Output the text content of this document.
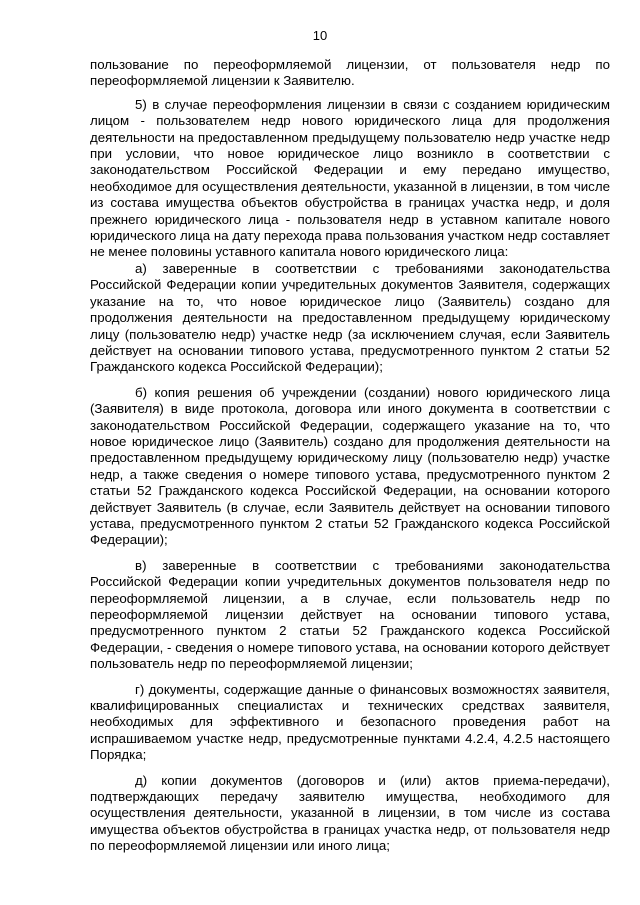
10

пользование по переоформляемой лицензии, от пользователя недр по переоформляемой лицензии к Заявителю.

5) в случае переоформления лицензии в связи с созданием юридическим лицом - пользователем недр нового юридического лица для продолжения деятельности на предоставленном предыдущему пользователю недр участке недр при условии, что новое юридическое лицо возникло в соответствии с законодательством Российской Федерации и ему передано имущество, необходимое для осуществления деятельности, указанной в лицензии, в том числе из состава имущества объектов обустройства в границах участка недр, и доля прежнего юридического лица - пользователя недр в уставном капитале нового юридического лица на дату перехода права пользования участком недр составляет не менее половины уставного капитала нового юридического лица:

а) заверенные в соответствии с требованиями законодательства Российской Федерации копии учредительных документов Заявителя, содержащих указание на то, что новое юридическое лицо (Заявитель) создано для продолжения деятельности на предоставленном предыдущему юридическому лицу (пользователю недр) участке недр (за исключением случая, если Заявитель действует на основании типового устава, предусмотренного пунктом 2 статьи 52 Гражданского кодекса Российской Федерации);

б) копия решения об учреждении (создании) нового юридического лица (Заявителя) в виде протокола, договора или иного документа в соответствии с законодательством Российской Федерации, содержащего указание на то, что новое юридическое лицо (Заявитель) создано для продолжения деятельности на предоставленном предыдущему юридическому лицу (пользователю недр) участке недр, а также сведения о номере типового устава, предусмотренного пунктом 2 статьи 52 Гражданского кодекса Российской Федерации, на основании которого действует Заявитель (в случае, если Заявитель действует на основании типового устава, предусмотренного пунктом 2 статьи 52 Гражданского кодекса Российской Федерации);

в) заверенные в соответствии с требованиями законодательства Российской Федерации копии учредительных документов пользователя недр по переоформляемой лицензии, а в случае, если пользователь недр по переоформляемой лицензии действует на основании типового устава, предусмотренного пунктом 2 статьи 52 Гражданского кодекса Российской Федерации, - сведения о номере типового устава, на основании которого действует пользователь недр по переоформляемой лицензии;

г) документы, содержащие данные о финансовых возможностях заявителя, квалифицированных специалистах и технических средствах заявителя, необходимых для эффективного и безопасного проведения работ на испрашиваемом участке недр, предусмотренные пунктами 4.2.4, 4.2.5 настоящего Порядка;

д) копии документов (договоров и (или) актов приема-передачи), подтверждающих передачу заявителю имущества, необходимого для осуществления деятельности, указанной в лицензии, в том числе из состава имущества объектов обустройства в границах участка недр, от пользователя недр по переоформляемой лицензии или иного лица;
